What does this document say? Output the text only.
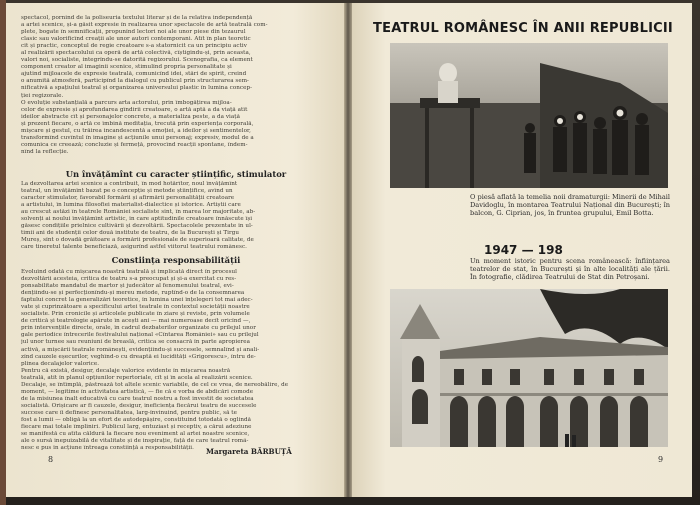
spectacol, pornind de la poliseuria textului literar și de la relativa independență
a artei scenice, și-a găsit expresie în realizarea unor spectacole de artă teatrală com-
plete, bogate în semnificații, propunînd lectori noi ale unor piese din tezaurul
clasic sau valorificînd creații ale unor autori contemporani. Atît în plan teoretic
cît și practic, conceptul de regie creatoare s-a statornicit ca un principiu activ
al realizării spectacolului ca operă de artă colectivă, cîștigîndu-și, prin aceasta,
valori noi, socialiste, integrîndu-se datorită regizorului. Scenografia, ca element
component creator al imaginii scenice, stimulînd propria personalitate și
ajutînd mijloacele de expresie teatrală, comunicînd idei, stări de spirit, creînd
o anumită atmosferă, participînd la dialogul cu publicul prin structurarea sem-
nificativă a spațiului teatral și organizarea universului plastic în lumina concep-
ției regizorale.
O evoluție substanțială a parcurs arta actorului, prin îmbogățirea mijloa-
celor de expresie și aprofundarea gîndirii creatoare, o artă aptă a da viață atît
ideilor abstracte cît și personajelor concrete, a materializa peste, a da viață
și prezent fiecare, o artă ce îmbină meditația, trecută prin experiența corporală,
mișcare și gestul, cu trăirea incandescentă a emoției, a ideilor și sentimentelor,
transformînd cuvîntul în imagine și acțiunile unui personaj; expresiv, modul de a
comunica ce creează; concluzie și fermeță, provocînd reacții spontane, îndem-
nînd la reflecție.
Un învățămînt cu caracter științific, stimulator
La dezvoltarea artei scenice a contribuit, în mod hotărîtor, noul învățămînt
teatral, un învățămînt bazat pe o concepție și metode științifice, avînd un
caracter stimulator, favorabil formării și afirmării personalității creatoare
a artistului, în lumina filosofiei materialist-dialectice și istorice. Artiștii care
au crescut astăzi în teatrele României socialiste sînt, în marea lor majoritate, ab-
solvenți ai noului învățămînt artistic, în care aptitudinile creatoare înnăscute își
găsesc condițiile prielnice cultivării și dezvoltării. Spectacolele prezentate în ul-
timii ani de studenții celor două institute de teatru, de la București și Tîrgu
Mureș, sînt o dovadă grăitoare a formării profesionale de superioară calitate, de
care tineretul talente beneficiază, asigurînd astfel viitorul teatrului românesc.
Constiința responsabilității
Evoluînd odată cu mișcarea noastră teatrală și implicată direct în procesul
dezvoltării acesteia, critica de teatru s-a preocupat și și-a exercitat cu res-
ponsabilitate mandatul de martor și judecător al fenomenului teatral, evi-
dențiindu-se și perfecționîndu-și mereu metode, ruptînd-o de la consemnarea
faptului concret la generalizări teoretice, în lumina unei înțelegeri tot mai adec-
vate și cuprinzătoare a specificului artei teatrale în contextul societății noastre
socialiste. Prin cronicile și articolele publicate în ziare și reviste, prin volumele
de critică și teatrologie apărute în acești ani — mai numeroase decît oricînd —,
prin intervențiile directe, orale, în cadrul dezbaterilor organizate cu prilejul unor
gale periodice întrecerile festivalului național «Cîntarea României» sau cu prilejul
jul unor turnee sau reuniuni de breaslă, critica se consacră în parte apropierea
activă, a mișcării teatrale românești, evidențiindu-și succesele, semnalînd și anali-
zînd cauzele eșecurilor, veghînd-o cu dreaptă ei lucidități «Grigorescu», întru de-
plinea decalajelor valorice.
Pentru că există, desigur, decalaje valorice evidente în mișcarea noastră
teatrală, atît în planul opțiunilor repertoriale, cît și în acela al realizării scenice.
Decalaje, se întîmplă, păstrează tot altele scenic variabile, de cel ce vrea, de nereobălire, de
moment, — legitime în activitatea artistică, — fie că e vorba de abdicări comode
de la misiunea înalt educativă cu care teatrul nostru a fost investit de societatea
socialistă. Orișicare ar fi cauzele, desigur, ineficiența fiecărui teatru de succesele
succese care îi definesc personalitatea, larg-învinuind, pentru public, să te
fost a lumii — obligă la un efort de autodepășire, constituind totodată o oglindă
fiecare mai totale împliniri. Publicul larg, entuziast și receptiv, a cărui adeziune
se manifestă cu atîta căldură la fiecare nou eveniment al artei noastre scenice,
ale o sursă inepuizabilă de vitalitate și de inspirație, față de care teatrul româ-
nesc e pus în acțiune întreaga constiință a responsabilității.	Margareta BĂRBUȚĂ
8
TEATRUL ROMÂNESC ÎN ANII REPUBLICII
O piesă aflată la temelia noii dramaturgii: Minerii de Mihail Davidoglu, în montarea Teatrului Național din București; în balcon, G. Ciprian, jos, în fruntea grupului, Emil Botta.
1947 — 198
Un moment istoric pentru scena românească: înființarea teatrelor de stat, în București și în alte localități ale țării. În fotografie, clădirea Teatrului de Stat din Petroșani.
9
